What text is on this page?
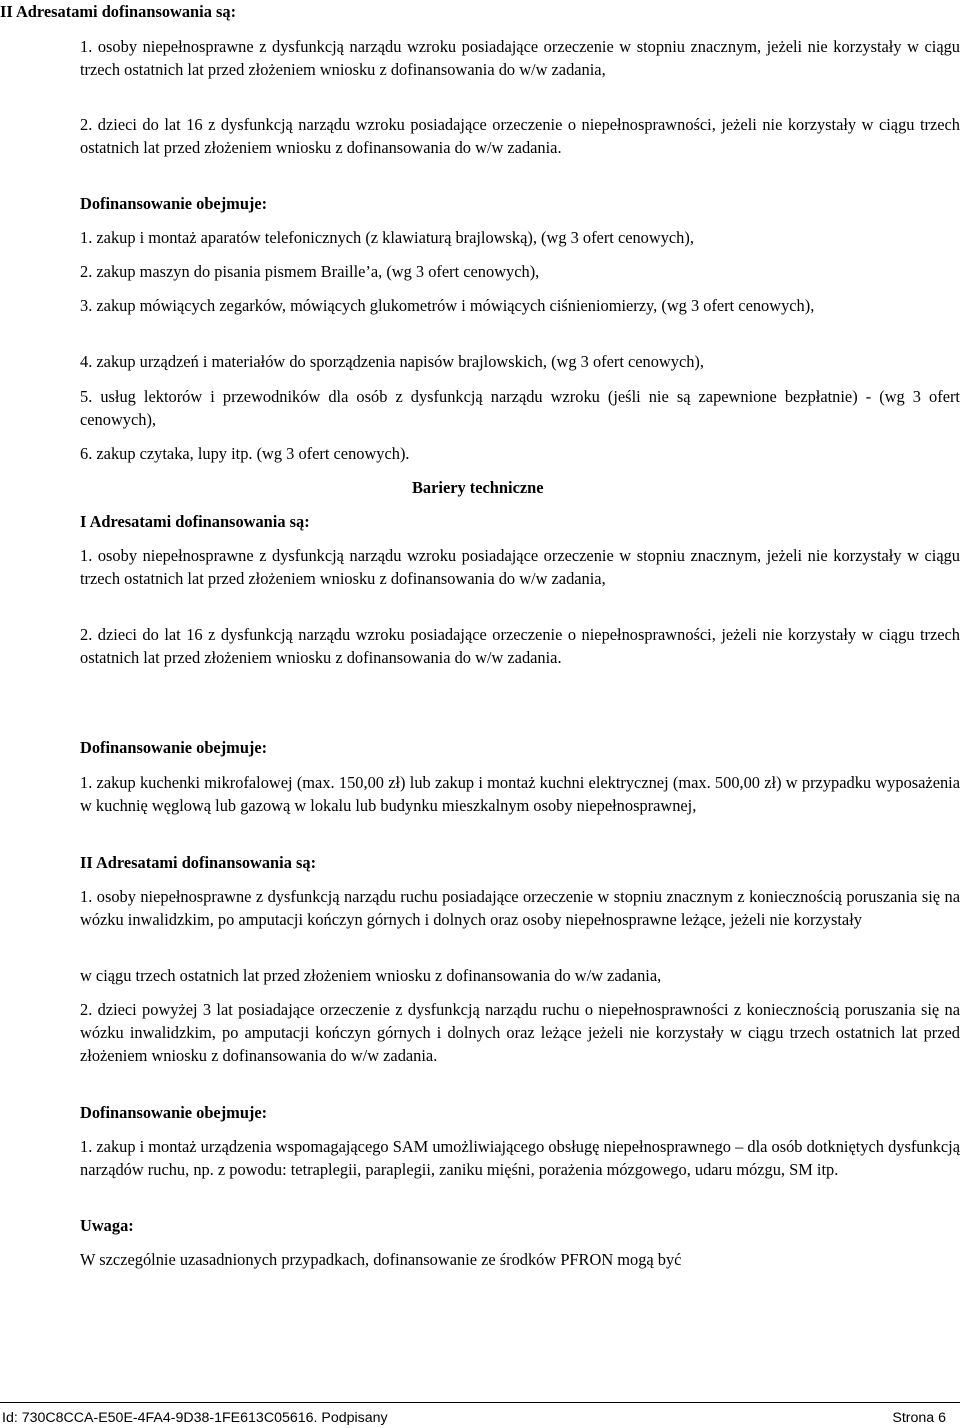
II Adresatami dofinansowania są:

1. osoby niepełnosprawne z dysfunkcją narządu wzroku posiadające orzeczenie w stopniu znacznym, jeżeli nie korzystały w ciągu trzech ostatnich lat przed złożeniem wniosku z dofinansowania do w/w zadania,

2. dzieci do lat 16 z dysfunkcją narządu wzroku posiadające orzeczenie o niepełnosprawności, jeżeli nie korzystały w ciągu trzech ostatnich lat przed złożeniem wniosku z dofinansowania do w/w zadania.

Dofinansowanie obejmuje:

1. zakup i montaż aparatów telefonicznych (z klawiaturą brajlowską), (wg 3 ofert cenowych),

2. zakup maszyn do pisania pismem Braille’a, (wg 3 ofert cenowych),

3. zakup mówiących zegarków, mówiących glukometrów i mówiących ciśnieniomierzy, (wg 3 ofert cenowych),

4. zakup urządzeń i materiałów do sporządzenia napisów brajlowskich, (wg 3 ofert cenowych),

5. usług lektorów i przewodników dla osób z dysfunkcją narządu wzroku (jeśli nie są zapewnione bezpłatnie) - (wg 3 ofert cenowych),

6. zakup czytaka, lupy itp. (wg 3 ofert cenowych).

Bariery techniczne
I Adresatami dofinansowania są:

1. osoby niepełnosprawne z dysfunkcją narządu wzroku posiadające orzeczenie w stopniu znacznym, jeżeli nie korzystały w ciągu trzech ostatnich lat przed złożeniem wniosku z dofinansowania do w/w zadania,

2. dzieci do lat 16 z dysfunkcją narządu wzroku posiadające orzeczenie o niepełnosprawności, jeżeli nie korzystały w ciągu trzech ostatnich lat przed złożeniem wniosku z dofinansowania do w/w zadania.

Dofinansowanie obejmuje:

1. zakup kuchenki mikrofalowej (max. 150,00 zł) lub zakup i montaż kuchni elektrycznej (max. 500,00 zł) w przypadku wyposażenia w kuchnię węglową lub gazową w lokalu lub budynku mieszkalnym osoby niepełnosprawnej,

II Adresatami dofinansowania są:

1. osoby niepełnosprawne z dysfunkcją narządu ruchu posiadające orzeczenie w stopniu znacznym z koniecznością poruszania się na wózku inwalidzkim, po amputacji kończyn górnych i dolnych oraz osoby niepełnosprawne leżące, jeżeli nie korzystały

w ciągu trzech ostatnich lat przed złożeniem wniosku z dofinansowania do w/w zadania,

2. dzieci powyżej 3 lat posiadające orzeczenie z dysfunkcją narządu ruchu o niepełnosprawności z koniecznością poruszania się na wózku inwalidzkim, po amputacji kończyn górnych i dolnych oraz leżące jeżeli nie korzystały w ciągu trzech ostatnich lat przed złożeniem wniosku z dofinansowania do w/w zadania.

Dofinansowanie obejmuje:

1. zakup i montaż urządzenia wspomagającego SAM umożliwiającego obsługę niepełnosprawnego – dla osób dotkniętych dysfunkcją narządów ruchu, np. z powodu: tetraplegii, paraplegii, zaniku mięśni, porażenia mózgowego, udaru mózgu, SM itp.

Uwaga:

W szczególnie uzasadnionych przypadkach, dofinansowanie ze środków PFRON mogą być

Id: 730C8CCA-E50E-4FA4-9D38-1FE613C05616. Podpisany	Strona 6
